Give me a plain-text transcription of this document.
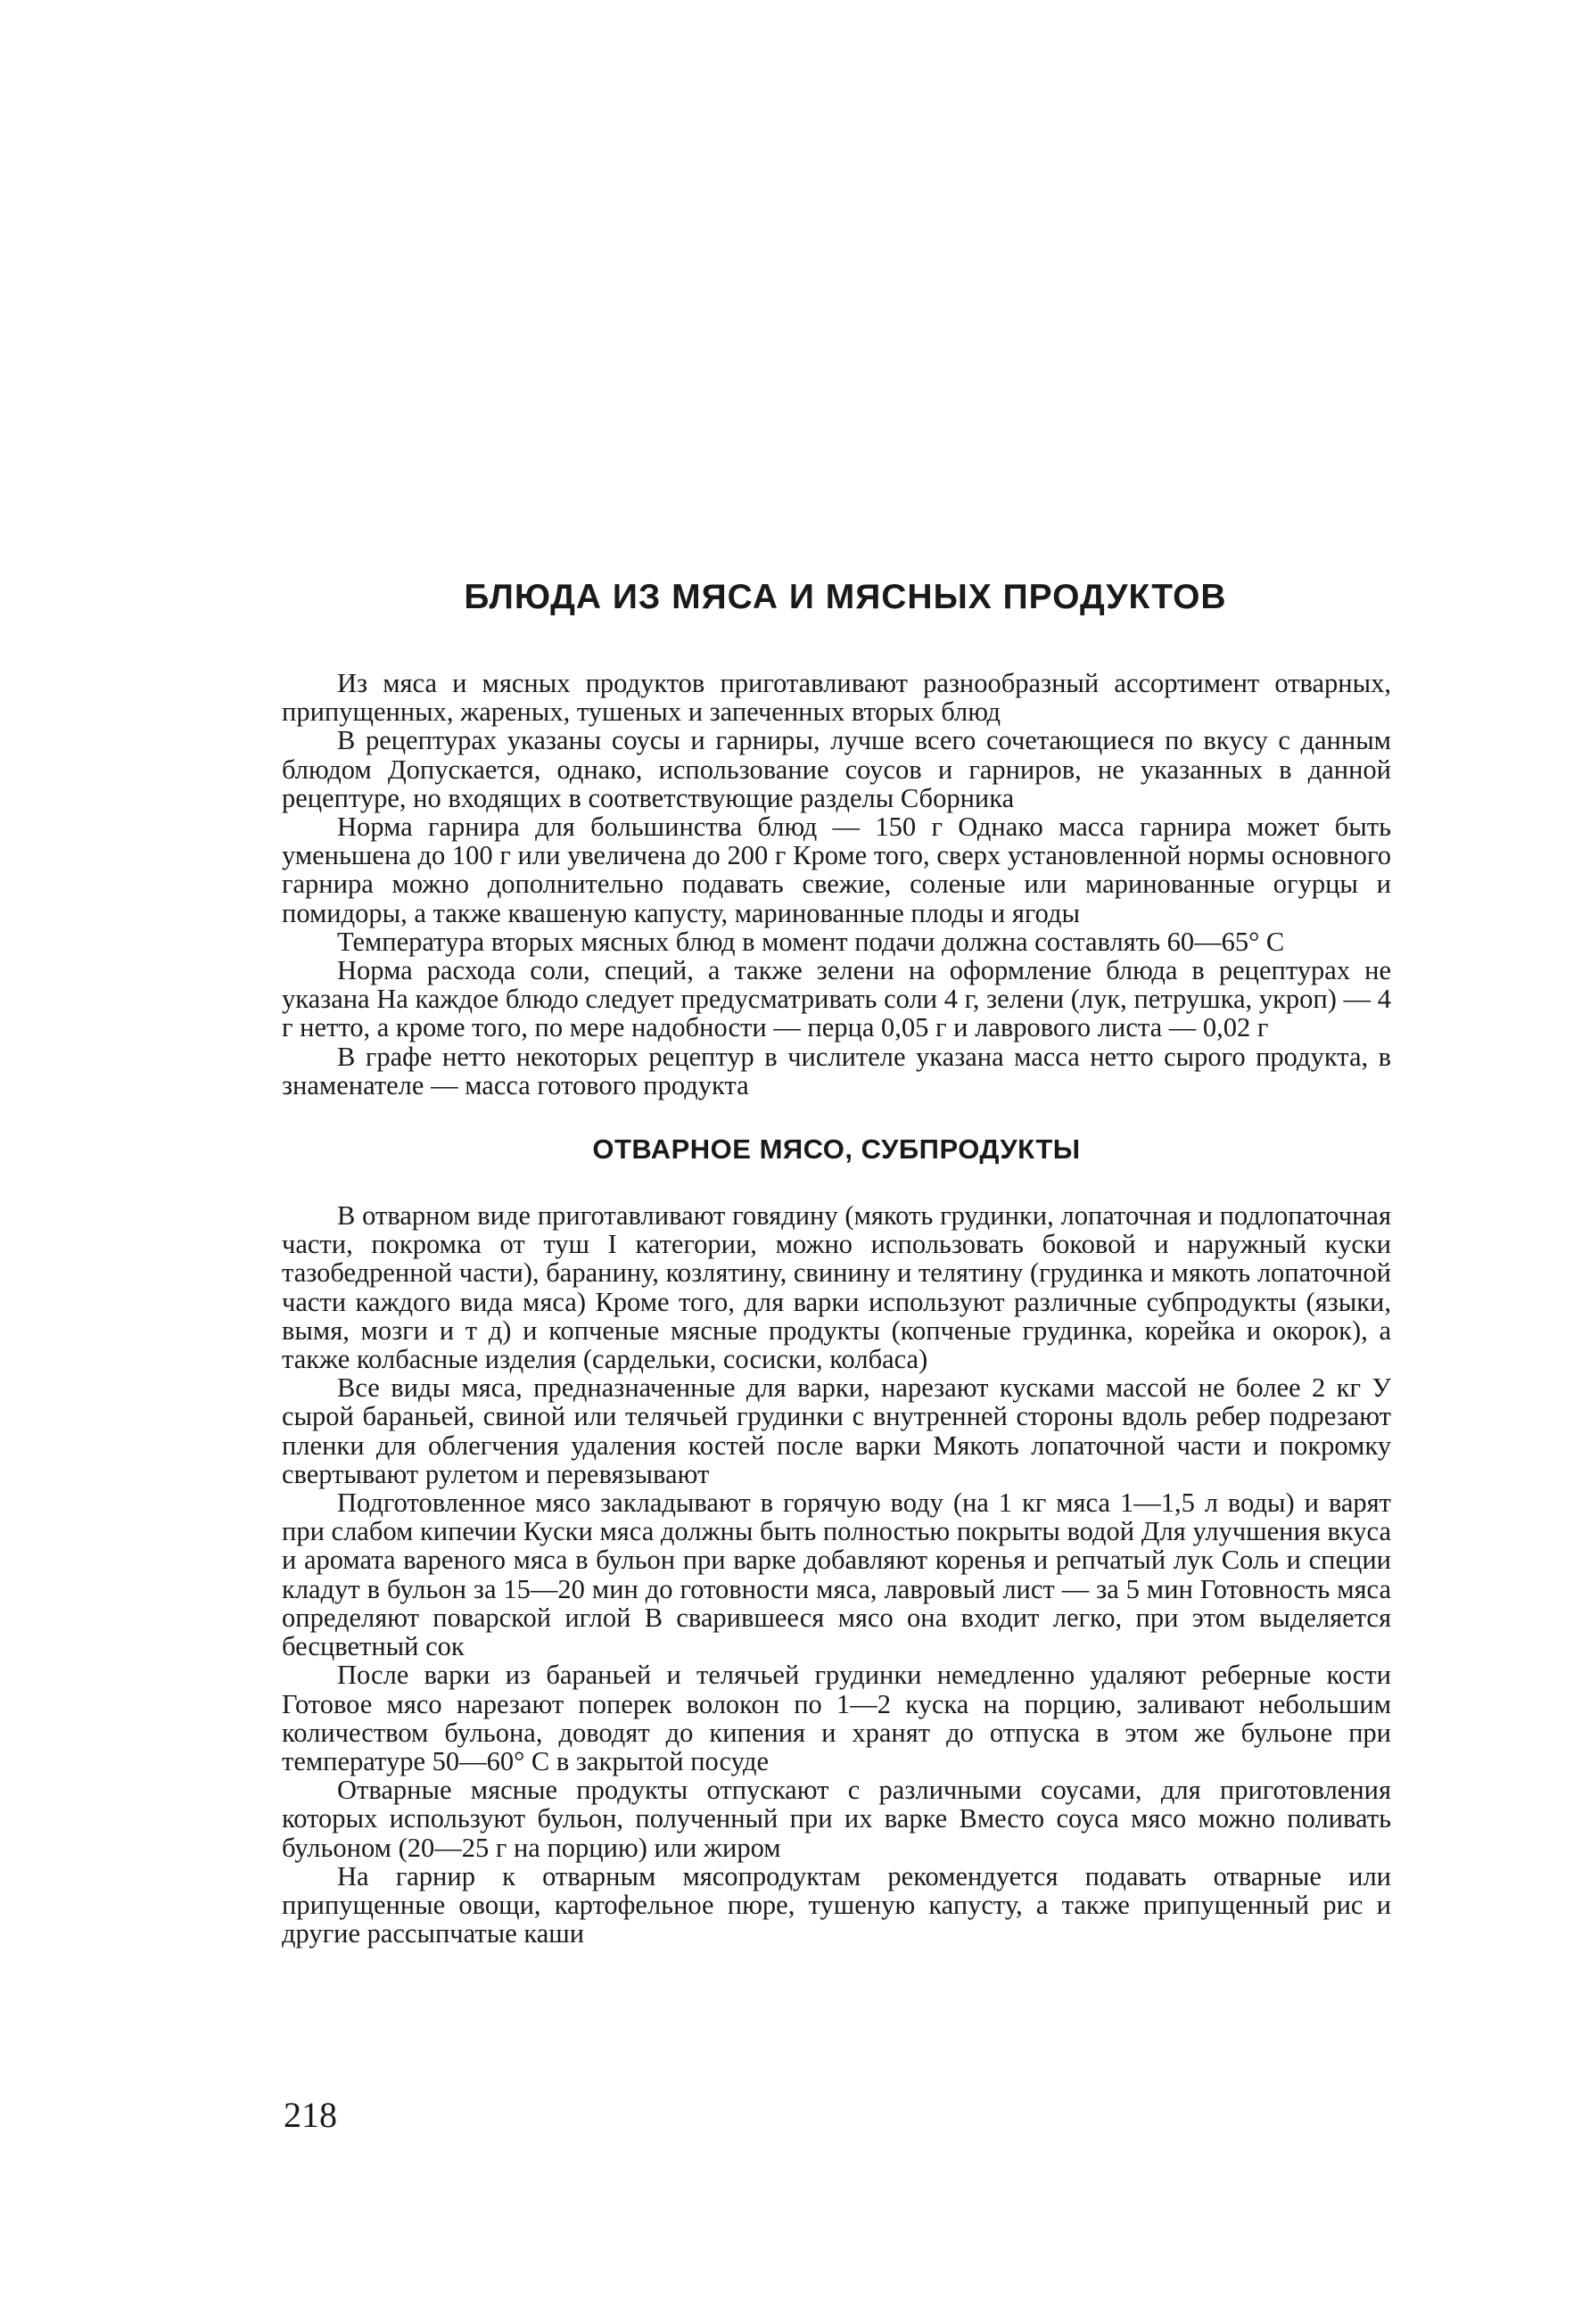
БЛЮДА ИЗ МЯСА И МЯСНЫХ ПРОДУКТОВ

Из мяса и мясных продуктов приготавливают разнообразный ассортимент отварных, припущенных, жареных, тушеных и запеченных вторых блюд

В рецептурах указаны соусы и гарниры, лучше всего сочетающиеся по вкусу с данным блюдом Допускается, однако, использование соусов и гарниров, не указанных в данной рецептуре, но входящих в соответствующие разделы Сборника

Норма гарнира для большинства блюд — 150 г Однако масса гарнира может быть уменьшена до 100 г или увеличена до 200 г Кроме того, сверх установленной нормы основного гарнира можно дополнительно подавать свежие, соленые или маринованные огурцы и помидоры, а также квашеную капусту, маринованные плоды и ягоды

Температура вторых мясных блюд в момент подачи должна составлять 60—65° С

Норма расхода соли, специй, а также зелени на оформление блюда в рецептурах не указана На каждое блюдо следует предусматривать соли 4 г, зелени (лук, петрушка, укроп) — 4 г нетто, а кроме того, по мере надобности — перца 0,05 г и лаврового листа — 0,02 г

В графе нетто некоторых рецептур в числителе указана масса нетто сырого продукта, в знаменателе — масса готового продукта

ОТВАРНОЕ МЯСО, СУБПРОДУКТЫ

В отварном виде приготавливают говядину (мякоть грудинки, лопаточная и подлопаточная части, покромка от туш I категории, можно использовать боковой и наружный куски тазобедренной части), баранину, козлятину, свинину и телятину (грудинка и мякоть лопаточной части каждого вида мяса) Кроме того, для варки используют различные субпродукты (языки, вымя, мозги и т д) и копченые мясные продукты (копченые грудинка, корейка и окорок), а также колбасные изделия (сардельки, сосиски, колбаса)

Все виды мяса, предназначенные для варки, нарезают кусками массой не более 2 кг У сырой бараньей, свиной или телячьей грудинки с внутренней стороны вдоль ребер подрезают пленки для облегчения удаления костей после варки Мякоть лопаточной части и покромку свертывают рулетом и перевязывают

Подготовленное мясо закладывают в горячую воду (на 1 кг мяса 1—1,5 л воды) и варят при слабом кипечии Куски мяса должны быть полностью покрыты водой Для улучшения вкуса и аромата вареного мяса в бульон при варке добавляют коренья и репчатый лук Соль и специи кладут в бульон за 15—20 мин до готовности мяса, лавровый лист — за 5 мин Готовность мяса определяют поварской иглой В сварившееся мясо она входит легко, при этом выделяется бесцветный сок

После варки из бараньей и телячьей грудинки немедленно удаляют реберные кости Готовое мясо нарезают поперек волокон по 1—2 куска на порцию, заливают небольшим количеством бульона, доводят до кипения и хранят до отпуска в этом же бульоне при температуре 50—60° С в закрытой посуде

Отварные мясные продукты отпускают с различными соусами, для приготовления которых используют бульон, полученный при их варке Вместо соуса мясо можно поливать бульоном (20—25 г на порцию) или жиром

На гарнир к отварным мясопродуктам рекомендуется подавать отварные или припущенные овощи, картофельное пюре, тушеную капусту, а также припущенный рис и другие рассыпчатые каши

218
